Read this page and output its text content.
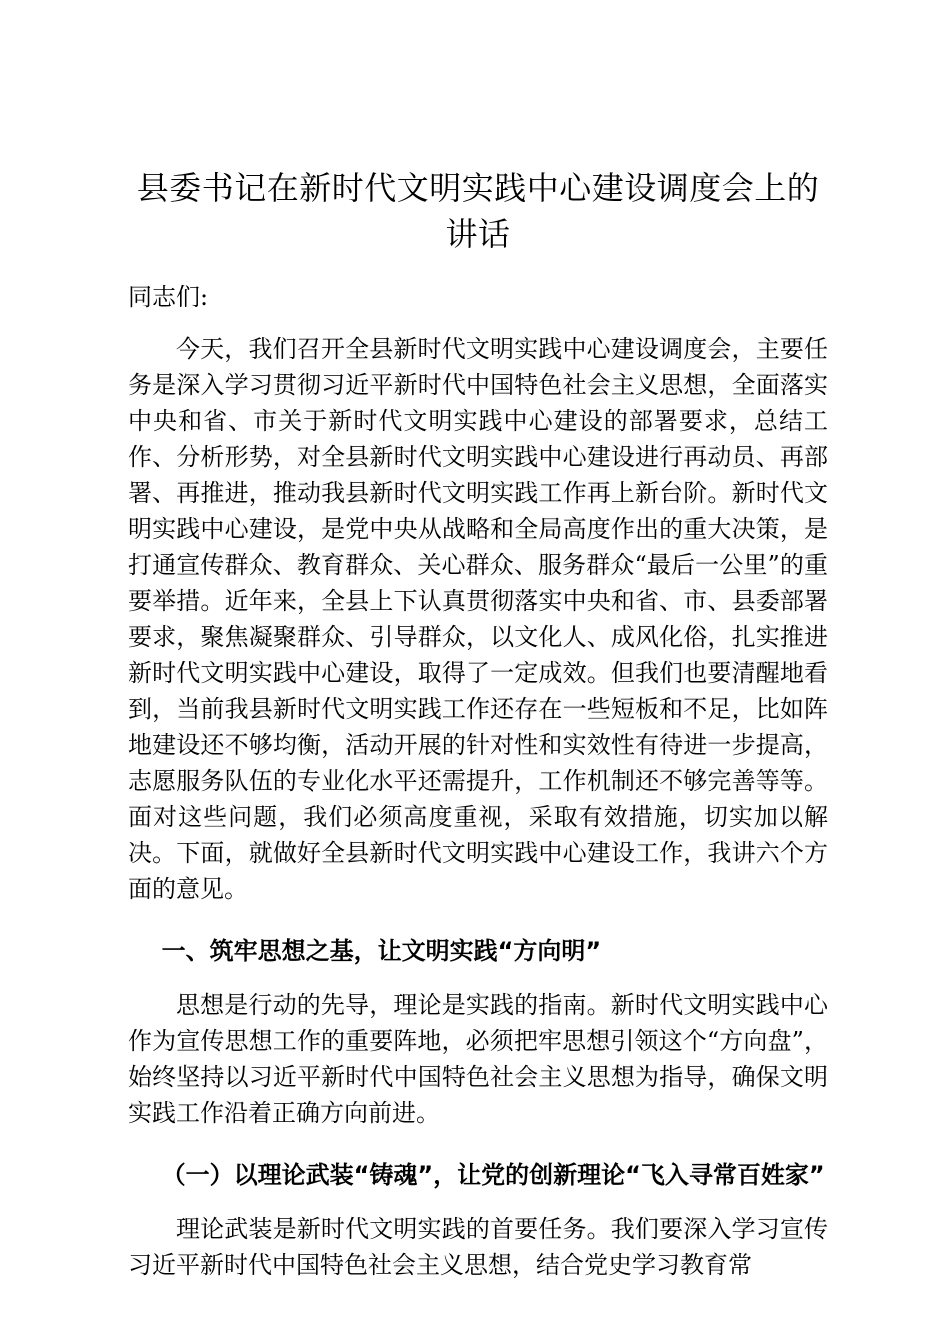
县委书记在新时代文明实践中心建设调度会上的讲话
同志们:

今天，我们召开全县新时代文明实践中心建设调度会，主要任务是深入学习贯彻习近平新时代中国特色社会主义思想，全面落实中央和省、市关于新时代文明实践中心建设的部署要求，总结工作、分析形势，对全县新时代文明实践中心建设进行再动员、再部署、再推进，推动我县新时代文明实践工作再上新台阶。新时代文明实践中心建设，是党中央从战略和全局高度作出的重大决策，是打通宣传群众、教育群众、关心群众、服务群众“最后一公里”的重要举措。近年来，全县上下认真贯彻落实中央和省、市、县委部署要求，聚焦凝聚群众、引导群众，以文化人、成风化俗，扎实推进新时代文明实践中心建设，取得了一定成效。但我们也要清醒地看到，当前我县新时代文明实践工作还存在一些短板和不足，比如阵地建设还不够均衡，活动开展的针对性和实效性有待进一步提高，志愿服务队伍的专业化水平还需提升，工作机制还不够完善等等。面对这些问题，我们必须高度重视，采取有效措施，切实加以解决。下面，就做好全县新时代文明实践中心建设工作，我讲六个方面的意见。

一、筑牢思想之基，让文明实践“方向明”

思想是行动的先导，理论是实践的指南。新时代文明实践中心作为宣传思想工作的重要阵地，必须把牢思想引领这个“方向盘”，始终坚持以习近平新时代中国特色社会主义思想为指导，确保文明实践工作沿着正确方向前进。

（一）以理论武装“铸魂”，让党的创新理论“飞入寻常百姓家”

理论武装是新时代文明实践的首要任务。我们要深入学习宣传习近平新时代中国特色社会主义思想，结合党史学习教育常
